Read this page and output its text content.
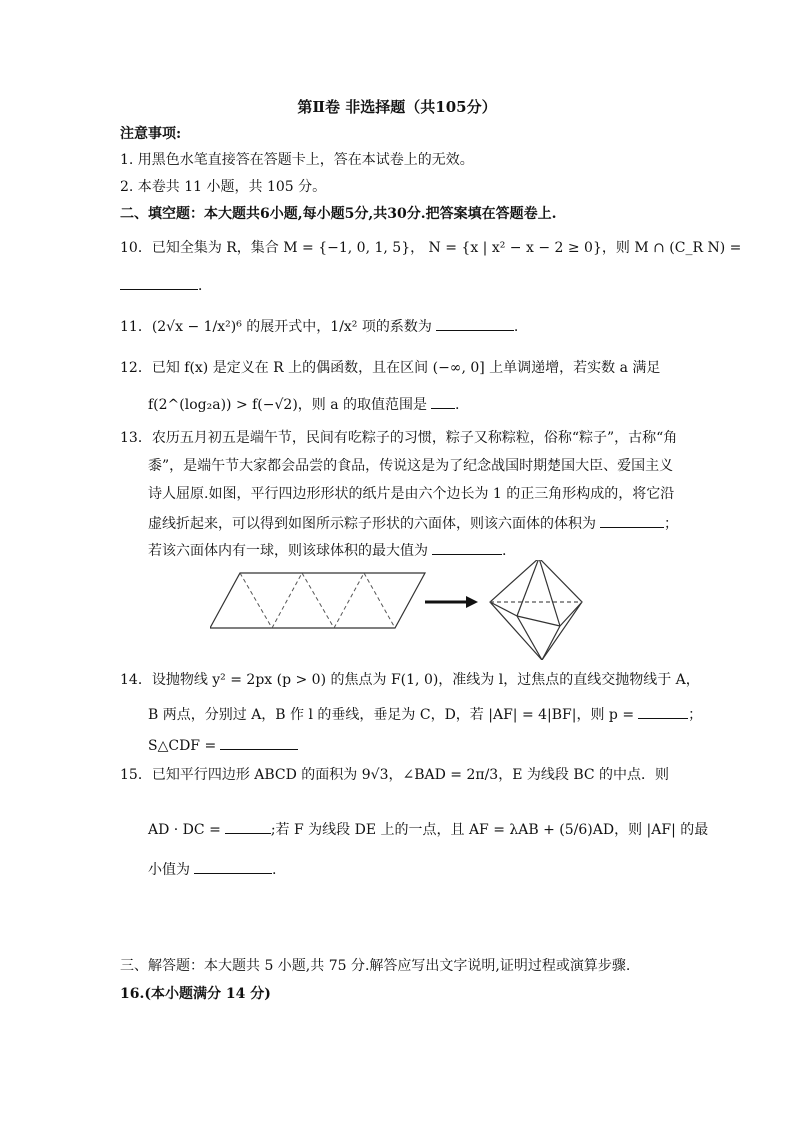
第Ⅱ卷 非选择题（共105分）
注意事项:
1. 用黑色水笔直接答在答题卡上，答在本试卷上的无效。
2. 本卷共 11 小题，共 105 分。
二、填空题：本大题共6小题,每小题5分,共30分.把答案填在答题卷上.
10．已知全集为 R，集合 M = {−1, 0, 1, 5}， N = {x | x² − x − 2 ≥ 0}，则 M ∩ (C_R N) =
．
11．(2√x − 1/x²)⁶ 的展开式中，1/x² 项的系数为	.
12．已知 f(x) 是定义在 R 上的偶函数，且在区间 (−∞, 0] 上单调递增，若实数 a 满足
f(2^(log₂a)) > f(−√2)，则 a 的取值范围是 .
13．农历五月初五是端午节，民间有吃粽子的习惯，粽子又称粽粒，俗称“粽子”，古称“角
黍”，是端午节大家都会品尝的食品，传说这是为了纪念战国时期楚国大臣、爱国主义
诗人屈原.如图，平行四边形形状的纸片是由六个边长为 1 的正三角形构成的，将它沿
虚线折起来，可以得到如图所示粽子形状的六面体，则该六面体的体积为	；
若该六面体内有一球，则该球体积的最大值为	.
14．设抛物线 y² = 2px (p > 0) 的焦点为 F(1, 0)，准线为 l，过焦点的直线交抛物线于 A，
B 两点，分别过 A，B 作 l 的垂线，垂足为 C，D，若 |AF| = 4|BF|，则 p =	；
S△CDF =
15．已知平行四边形 ABCD 的面积为 9√3，∠BAD = 2π/3，E 为线段 BC 的中点．则
AD · DC =	;若 F 为线段 DE 上的一点，且 AF = λAB + (5/6)AD，则 |AF| 的最
小值为	.
三、解答题：本大题共 5 小题,共 75 分.解答应写出文字说明,证明过程或演算步骤.
16.(本小题满分 14 分)
